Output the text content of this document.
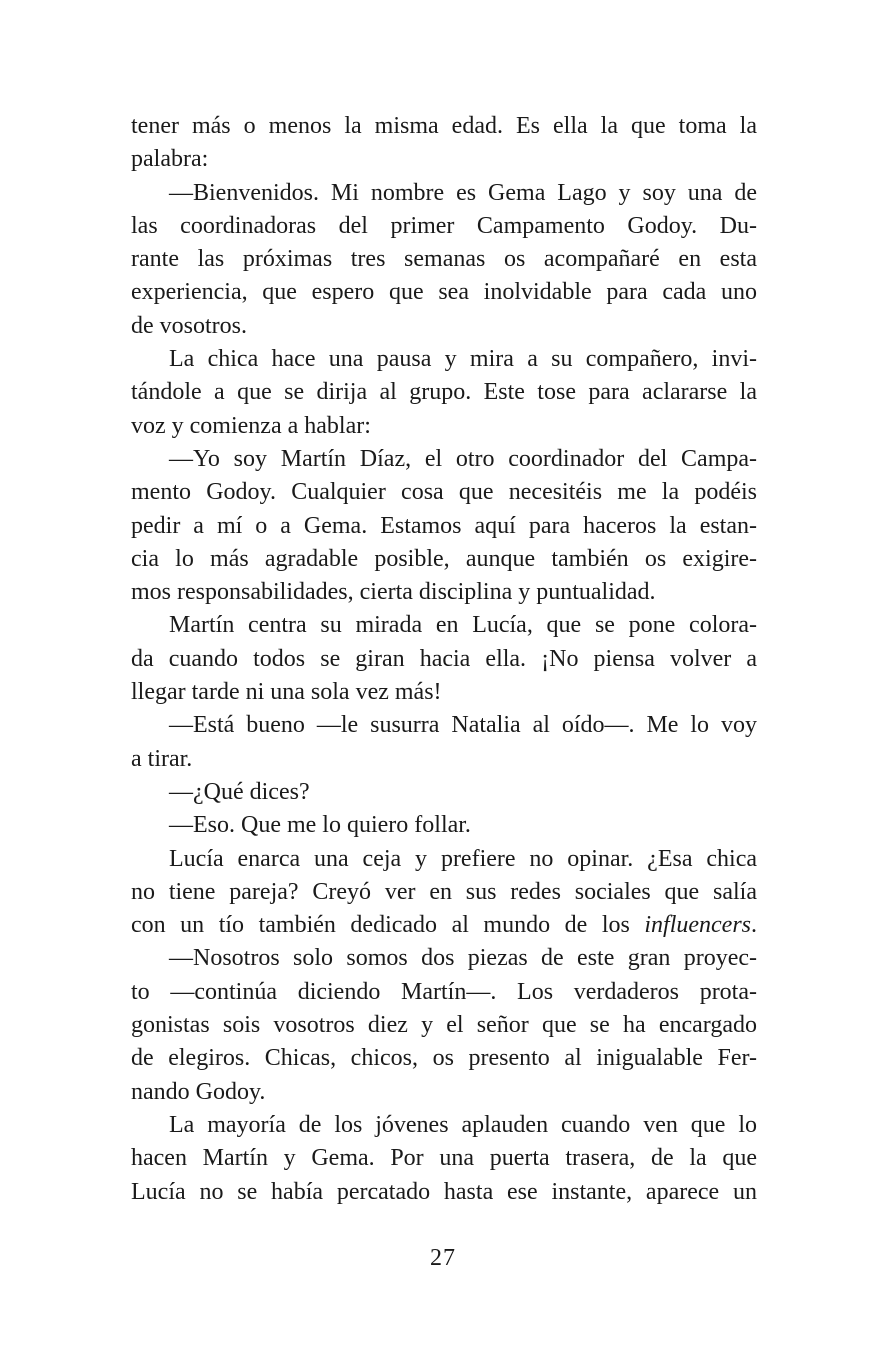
tener más o menos la misma edad. Es ella la que toma la
palabra:
—Bienvenidos. Mi nombre es Gema Lago y soy una de
las coordinadoras del primer Campamento Godoy. Du-
rante las próximas tres semanas os acompañaré en esta
experiencia, que espero que sea inolvidable para cada uno
de vosotros.
La chica hace una pausa y mira a su compañero, invi-
tándole a que se dirija al grupo. Este tose para aclararse la
voz y comienza a hablar:
—Yo soy Martín Díaz, el otro coordinador del Campa-
mento Godoy. Cualquier cosa que necesitéis me la podéis
pedir a mí o a Gema. Estamos aquí para haceros la estan-
cia lo más agradable posible, aunque también os exigire-
mos responsabilidades, cierta disciplina y puntualidad.
Martín centra su mirada en Lucía, que se pone colora-
da cuando todos se giran hacia ella. ¡No piensa volver a
llegar tarde ni una sola vez más!
—Está bueno —le susurra Natalia al oído—. Me lo voy
a tirar.
—¿Qué dices?
—Eso. Que me lo quiero follar.
Lucía enarca una ceja y prefiere no opinar. ¿Esa chica
no tiene pareja? Creyó ver en sus redes sociales que salía
con un tío también dedicado al mundo de los influencers.
—Nosotros solo somos dos piezas de este gran proyec-
to —continúa diciendo Martín—. Los verdaderos prota-
gonistas sois vosotros diez y el señor que se ha encargado
de elegiros. Chicas, chicos, os presento al inigualable Fer-
nando Godoy.
La mayoría de los jóvenes aplauden cuando ven que lo
hacen Martín y Gema. Por una puerta trasera, de la que
Lucía no se había percatado hasta ese instante, aparece un
27
